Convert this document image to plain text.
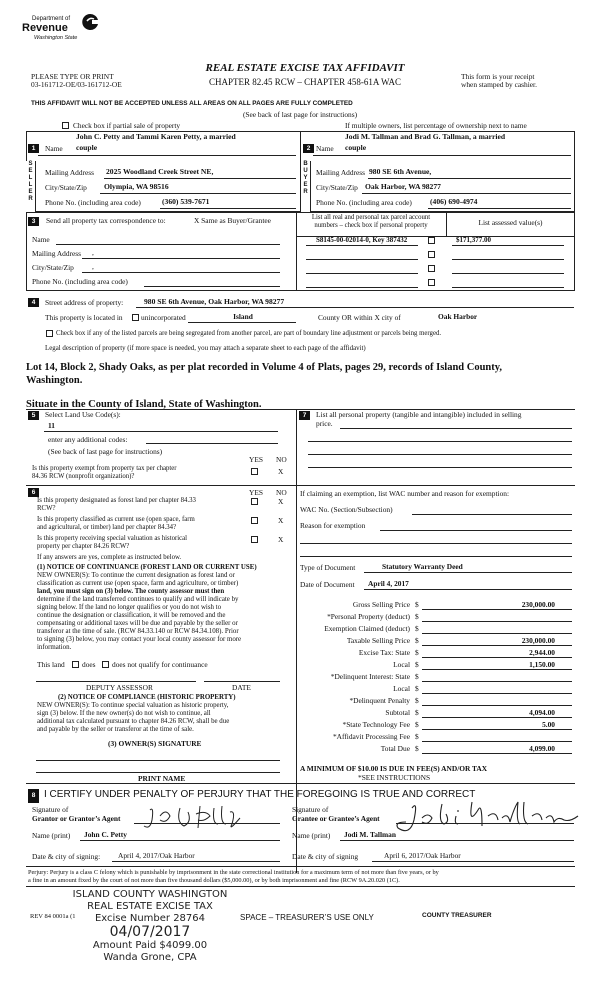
Department of
Revenue
Washington State
PLEASE TYPE OR PRINT
03-161712-OE/03-161712-OE
REAL ESTATE EXCISE TAX AFFIDAVIT
CHAPTER 82.45 RCW – CHAPTER 458-61A WAC
This form is your receipt
when stamped by cashier.
THIS AFFIDAVIT WILL NOT BE ACCEPTED UNLESS ALL AREAS ON ALL PAGES ARE FULLY COMPLETED
(See back of last page for instructions)
Check box if partial sale of property	If multiple owners, list percentage of ownership next to name
S
E
L
L
E
R
1
John C. Petty and Tammi Karen Petty, a married
Name couple
Mailing Address 2025 Woodland Creek Street NE,
City/State/Zip Olympia, WA 98516
Phone No. (including area code)	(360) 539-7671
B
U
Y
E
R
2
Jodi M. Tallman and Brad G. Tallman, a married
Name couple
Mailing Address 980 SE 6th Avenue,
City/State/Zip Oak Harbor, WA 98277
Phone No. (including area code) (406) 690-4974
3	Send all property tax correspondence to:	X Same as Buyer/Grantee
Name
Mailing Address ,
City/State/Zip ,
Phone No. (including area code)
List all real and personal tax parcel account
numbers – check box if personal property	List assessed value(s)
S8145-00-02014-0, Key 387432	$171,377.00
4	Street address of property:	980 SE 6th Avenue, Oak Harbor, WA 98277
This property is located in unincorporated	Island	County OR within X city of	Oak Harbor
Check box if any of the listed parcels are being segregated from another parcel, are part of boundary line adjustment or parcels being merged.
Legal description of property (if more space is needed, you may attach a separate sheet to each page of the affidavit)
Lot 14, Block 2, Shady Oaks, as per plat recorded in Volume 4 of Plats, pages 29, records of Island County,
Washington.
Situate in the County of Island, State of Washington.
5	Select Land Use Code(s):
11
enter any additional codes:
(See back of last page for instructions)
YES NO
Is this property exempt from property tax per chapter
84.36 RCW (nonprofit organization)?
X
6	YES NO
Is this property designated as forest land per chapter 84.33
RCW?
X
Is this property classified as current use (open space, farm
and agricultural, or timber) land per chapter 84.34?
X
Is this property receiving special valuation as historical
property per chapter 84.26 RCW?
X
If any answers are yes, complete as instructed below.
(1) NOTICE OF CONTINUANCE (FOREST LAND OR CURRENT USE)
NEW OWNER(S): To continue the current designation as forest land or
classification as current use (open space, farm and agriculture, or timber)
land, you must sign on (3) below. The county assessor must then
determine if the land transferred continues to qualify and will indicate by
signing below. If the land no longer qualifies or you do not wish to
continue the designation or classification, it will be removed and the
compensating or additional taxes will be due and payable by the seller or
transferor at the time of sale. (RCW 84.33.140 or RCW 84.34.108). Prior
to signing (3) below, you may contact your local county assessor for more
information.
This land does does not qualify for continuance
DEPUTY ASSESSOR	DATE
(2) NOTICE OF COMPLIANCE (HISTORIC PROPERTY)
NEW OWNER(S): To continue special valuation as historic property,
sign (3) below. If the new owner(s) do not wish to continue, all
additional tax calculated pursuant to chapter 84.26 RCW, shall be due
and payable by the seller or transferor at the time of sale.
(3) OWNER(S) SIGNATURE
PRINT NAME
7	List all personal property (tangible and intangible) included in selling
price.
If claiming an exemption, list WAC number and reason for exemption:
WAC No. (Section/Subsection)
Reason for exemption
Type of Document	Statutory Warranty Deed
Date of Document April 4, 2017
Gross Selling Price $	230,000.00
*Personal Property (deduct) $
Exemption Claimed (deduct) $
Taxable Selling Price $	230,000.00
Excise Tax: State $	2,944.00
Local $	1,150.00
*Delinquent Interest: State $
Local $
*Delinquent Penalty $
Subtotal $	4,094.00
*State Technology Fee $	5.00
*Affidavit Processing Fee $
Total Due $	4,099.00
A MINIMUM OF $10.00 IS DUE IN FEE(S) AND/OR TAX
*SEE INSTRUCTIONS
8 I CERTIFY UNDER PENALTY OF PERJURY THAT THE FOREGOING IS TRUE AND CORRECT
Signature of
Grantor or Grantor’s Agent
Name (print) John C. Petty
Date & city of signing: April 4, 2017/Oak Harbor
Signature of
Grantee or Grantee’s Agent
Name (print) Jodi M. Tallman
Date & city of signing	April 6, 2017/Oak Harbor
Perjury: Perjury is a class C felony which is punishable by imprisonment in the state correctional institution for a maximum term of not more than five years, or by
a fine in an amount fixed by the court of not more than five thousand dollars ($5,000.00), or by both imprisonment and fine (RCW 9A.20.020 (1C).
ISLAND COUNTY WASHINGTON
REAL ESTATE EXCISE TAX
Excise Number 28764
04/07/2017
Amount Paid $4099.00
Wanda Grone, CPA
REV 84 0001a (1	SPACE – TREASURER’S USE ONLY	COUNTY TREASURER
